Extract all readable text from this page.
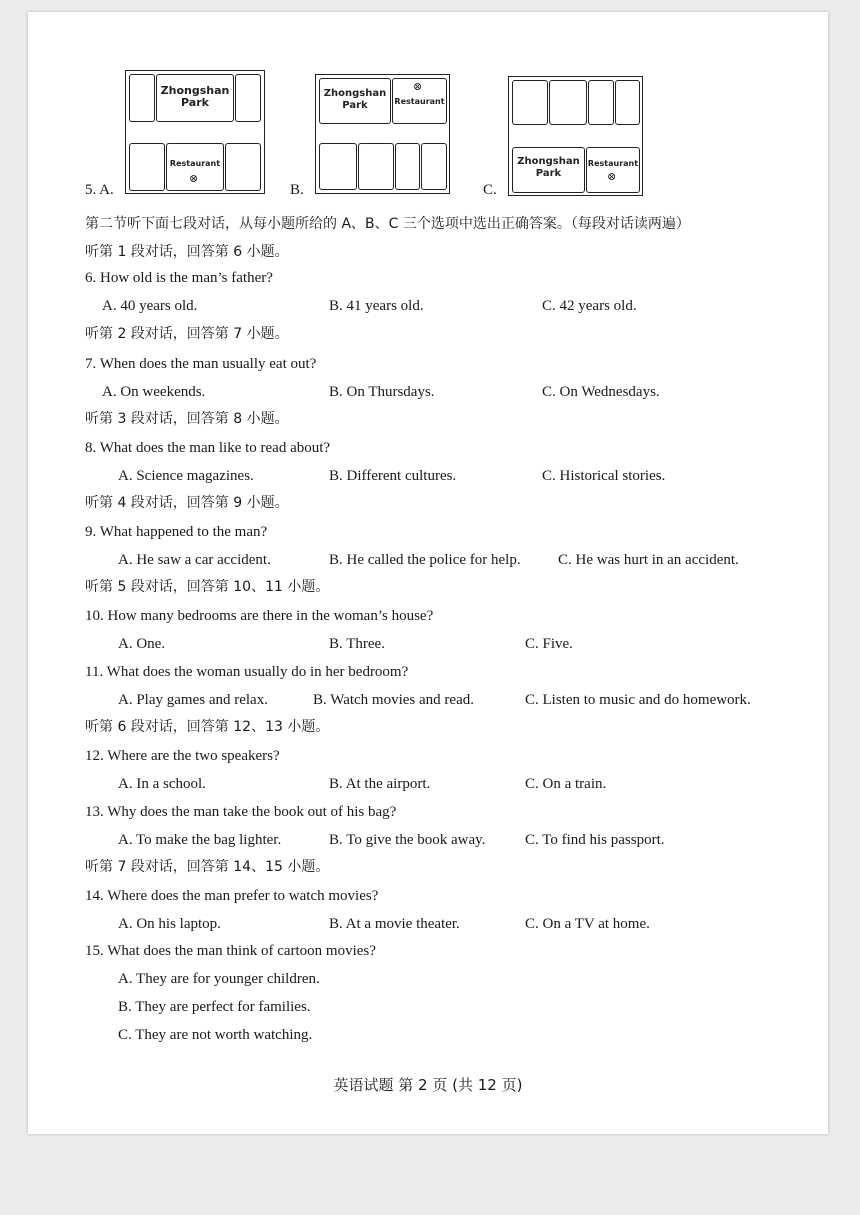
5. A.
Zhongshan Park
Restaurant
⊗
B.
Zhongshan Park
⊗
Restaurant
C.
Zhongshan Park
Restaurant
⊗
第二节听下面七段对话，从每小题所给的 A、B、C 三个选项中选出正确答案。（每段对话读两遍）
听第 1 段对话，回答第 6 小题。
6. How old is the man’s father?
A. 40 years old.	B. 41 years old.	C. 42 years old.
听第 2 段对话，回答第 7 小题。
7. When does the man usually eat out?
A. On weekends.	B. On Thursdays.	C. On Wednesdays.
听第 3 段对话，回答第 8 小题。
8. What does the man like to read about?
A. Science magazines.	B. Different cultures.	C. Historical stories.
听第 4 段对话，回答第 9 小题。
9. What happened to the man?
A. He saw a car accident.	B. He called the police for help. C. He was hurt in an accident.
听第 5 段对话，回答第 10、11 小题。
10. How many bedrooms are there in the woman’s house?
A. One.	B. Three.	C. Five.
11. What does the woman usually do in her bedroom?
A. Play games and relax.	B. Watch movies and read.	C. Listen to music and do homework.
听第 6 段对话，回答第 12、13 小题。
12. Where are the two speakers?
A. In a school.	B. At the airport.	C. On a train.
13. Why does the man take the book out of his bag?
A. To make the bag lighter.	B. To give the book away.	C. To find his passport.
听第 7 段对话，回答第 14、15 小题。
14. Where does the man prefer to watch movies?
A. On his laptop.	B. At a movie theater.	C. On a TV at home.
15. What does the man think of cartoon movies?
A. They are for younger children.
B. They are perfect for families.
C. They are not worth watching.
英语试题 第 2 页 (共 12 页)
